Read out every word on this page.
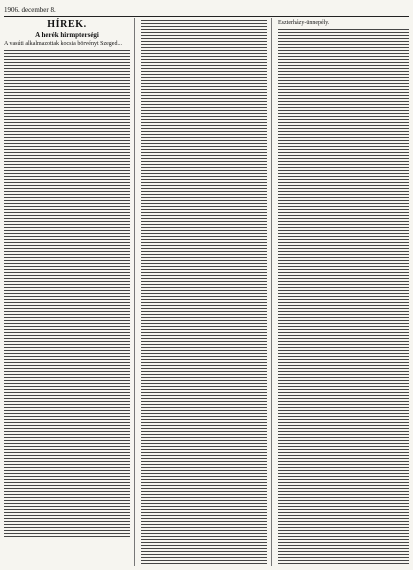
1906. december 8.
HÍREK.
A herék hirmpterségi
A vasúti alkalmazottak kocsia börvényt Szeged...
Eszterházy-ünnepély.
